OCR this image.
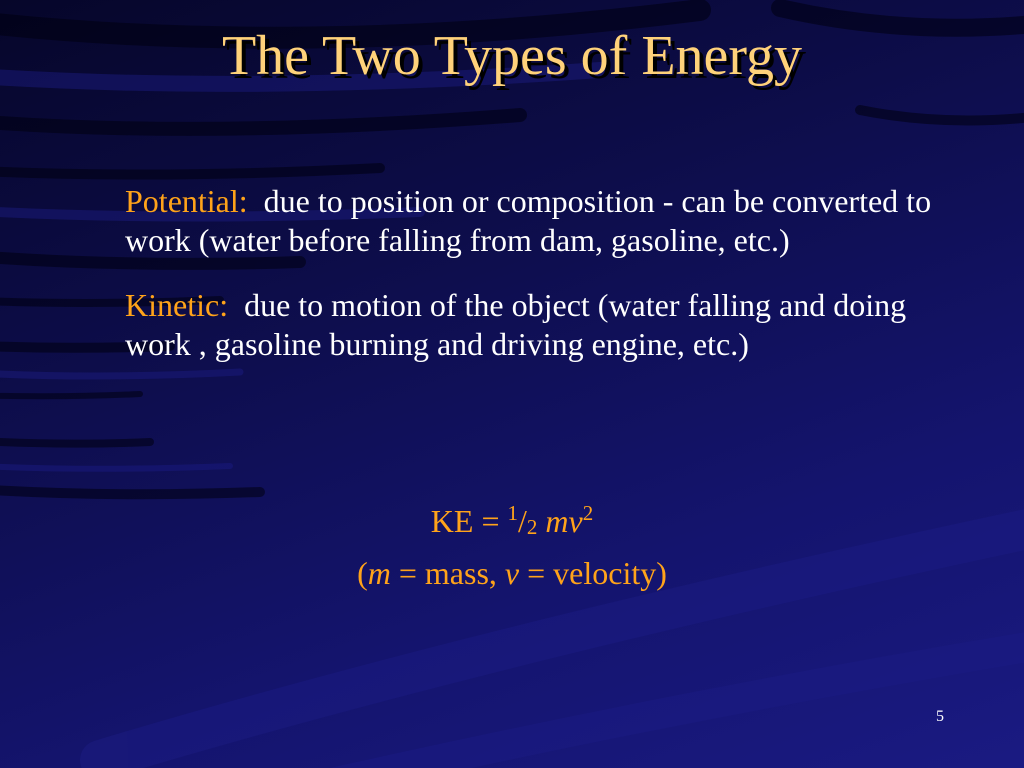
The Two Types of Energy

Potential: due to position or composition - can be converted to work (water before falling from dam, gasoline, etc.)

Kinetic: due to motion of the object (water falling and doing work , gasoline burning and driving engine, etc.)

KE = $^1$/2 $mv^2$
(m = mass, v = velocity)
5
